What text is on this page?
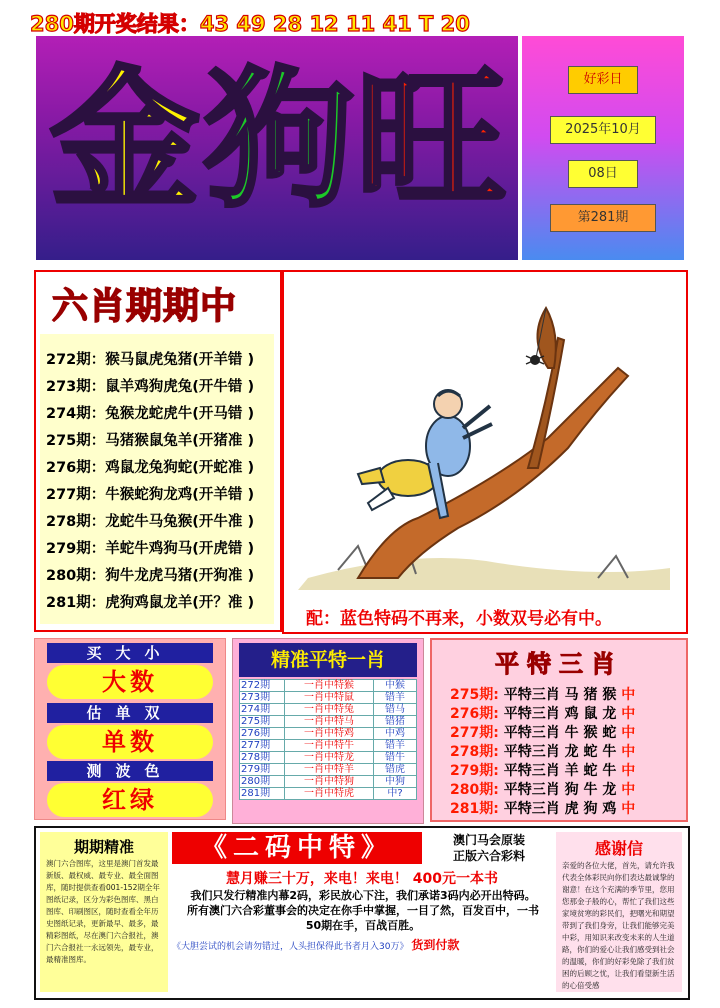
280期开奖结果：43 49 28 12 11 41 T 20
金 狗 旺	好彩日
2025年10月
08日
第281期
六肖期期中
272期：猴马鼠虎兔猪(开羊错 )
273期：鼠羊鸡狗虎兔(开牛错 )
274期：兔猴龙蛇虎牛(开马错 )
275期：马猪猴鼠兔羊(开猪准 )
276期：鸡鼠龙兔狗蛇(开蛇准 )
277期：牛猴蛇狗龙鸡(开羊错 )
278期：龙蛇牛马兔猴(开牛准 )
279期：羊蛇牛鸡狗马(开虎错 )
280期：狗牛龙虎马猪(开狗准 )
281期：虎狗鸡鼠龙羊(开？准 )
配：蓝色特码不再来，小数双号必有中。
买大小
大数
估单双
单数
测波色
红绿
精准平特一肖
272期	一肖中特猴	中猴
273期	一肖中特鼠	错羊
274期	一肖中特兔	错马
275期	一肖中特马	错猪
276期	一肖中特鸡	中鸡
277期	一肖中特牛	错羊
278期	一肖中特龙	错牛
279期	一肖中特羊	错虎
280期	一肖中特狗	中狗
281期	一肖中特虎	中?
平特三肖
275期: 平特三肖 马 猪 猴 中
276期: 平特三肖 鸡 鼠 龙 中
277期: 平特三肖 牛 猴 蛇 中
278期: 平特三肖 龙 蛇 牛 中
279期: 平特三肖 羊 蛇 牛 中
280期: 平特三肖 狗 牛 龙 中
281期: 平特三肖 虎 狗 鸡 中
期期精准
澳门六合图库，这里是澳门首发最新版、最权威、最专业、最全面图库，随时提供查看001-152期全年图纸记录，区分为彩色图库、黑白图库、印刷图区，随时查看全年历史图纸记录，更新最早、最多，最精彩图纸，尽在澳门六合报社，澳门六合报社一永远领先，最专业，最精准图库。
《二码中特》	澳门马会原装
正版六合彩料
慧月赚三十万，来电！来电！ 400元一本书
我们只发行精准内幕2码，彩民放心下注，我们承诺3码内必开出特码。所有澳门六合彩董事会的决定在你手中掌握，一目了然，百发百中，一书50期在手，百战百胜。
《大胆尝试的机会请勿错过，人头担保得此书者月入30万》 货到付款
感谢信
亲爱的各位大佬，首先，请允许我代表全体彩民向你们表达最诚挚的谢意！在这个充满的季节里，您用您那金子般的心，帮忙了我们这些家境贫寒的彩民们，把曙光和期望带到了我们身旁，让我们能够完美中彩，用知识来改变未来的人生道路，你们的爱心让我们感受到社会的温暖，你们的好彩免除了我们贫困的后顾之忧，让我们看望新生活的心倍受感
